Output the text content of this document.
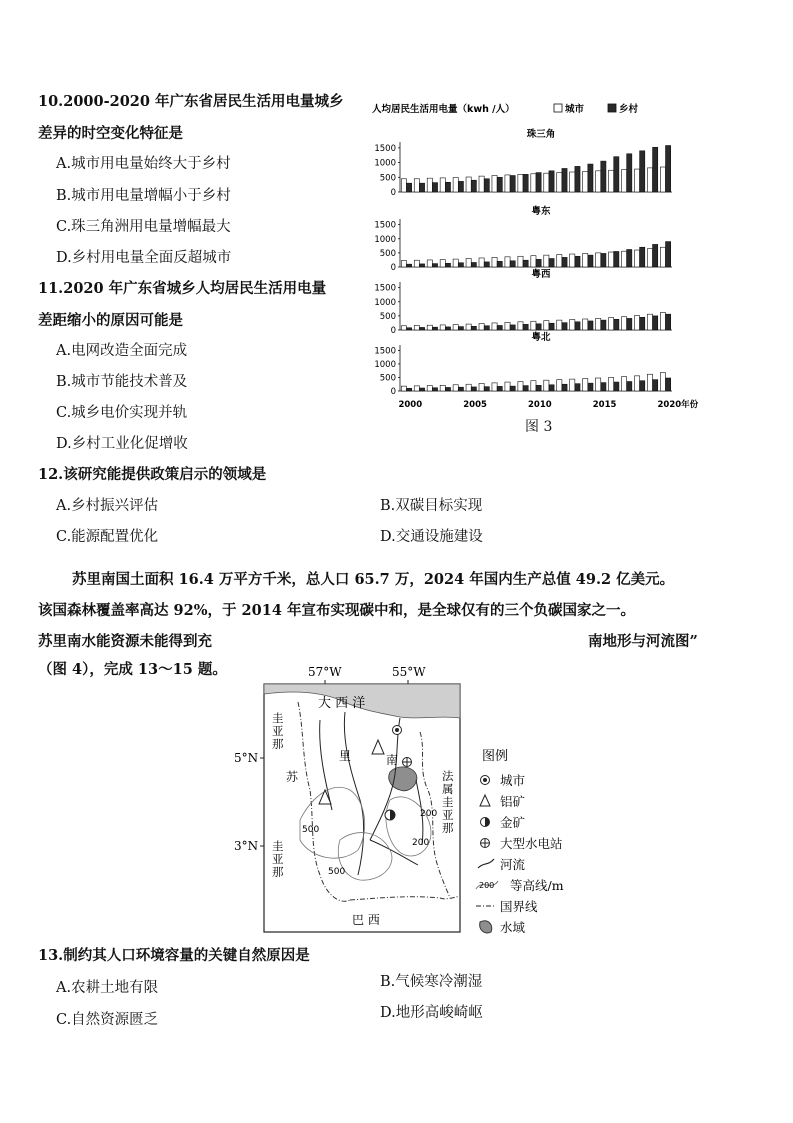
10.2000-2020 年广东省居民生活用电量城乡
差异的时空变化特征是
A.城市用电量始终大于乡村
B.城市用电量增幅小于乡村
C.珠三角洲用电量增幅最大
D.乡村用电量全面反超城市
11.2020 年广东省城乡人均居民生活用电量
差距缩小的原因可能是
A.电网改造全面完成
B.城市节能技术普及
C.城乡电价实现并轨
D.乡村工业化促增收
12.该研究能提供政策启示的领域是
A.乡村振兴评估	B.双碳目标实现
C.能源配置优化	D.交通设施建设
苏里南国土面积 16.4 万平方千米，总人口 65.7 万，2024 年国内生产总值 49.2 亿美元。
该国森林覆盖率高达 92%，于 2014 年宣布实现碳中和，是全球仅有的三个负碳国家之一。
苏里南水能资源未能得到充	南地形与河流图”
（图 4），完成 13～15 题。
人均居民生活用电量（kwh /人）	城市	乡村
珠三角
0
500
1000
1500
粤东
0
500
1000
1500
粤西
0
500
1000
1500
粤北
0
500
1000
1500
2000	2005	2010	2015	2020年份
图 3
57°W	55°W
5°N
3°N
大 西 洋
苏
里	南
圭亚那
圭亚那
法属圭亚那
200
500
200
500
巴 西
图例
城市
铝矿
金矿
大型水电站
河流
200 等高线/m
国界线
水域
13.制约其人口环境容量的关键自然原因是
A.农耕土地有限	B.气候寒冷潮湿
C.自然资源匮乏	D.地形高峻崎岖
